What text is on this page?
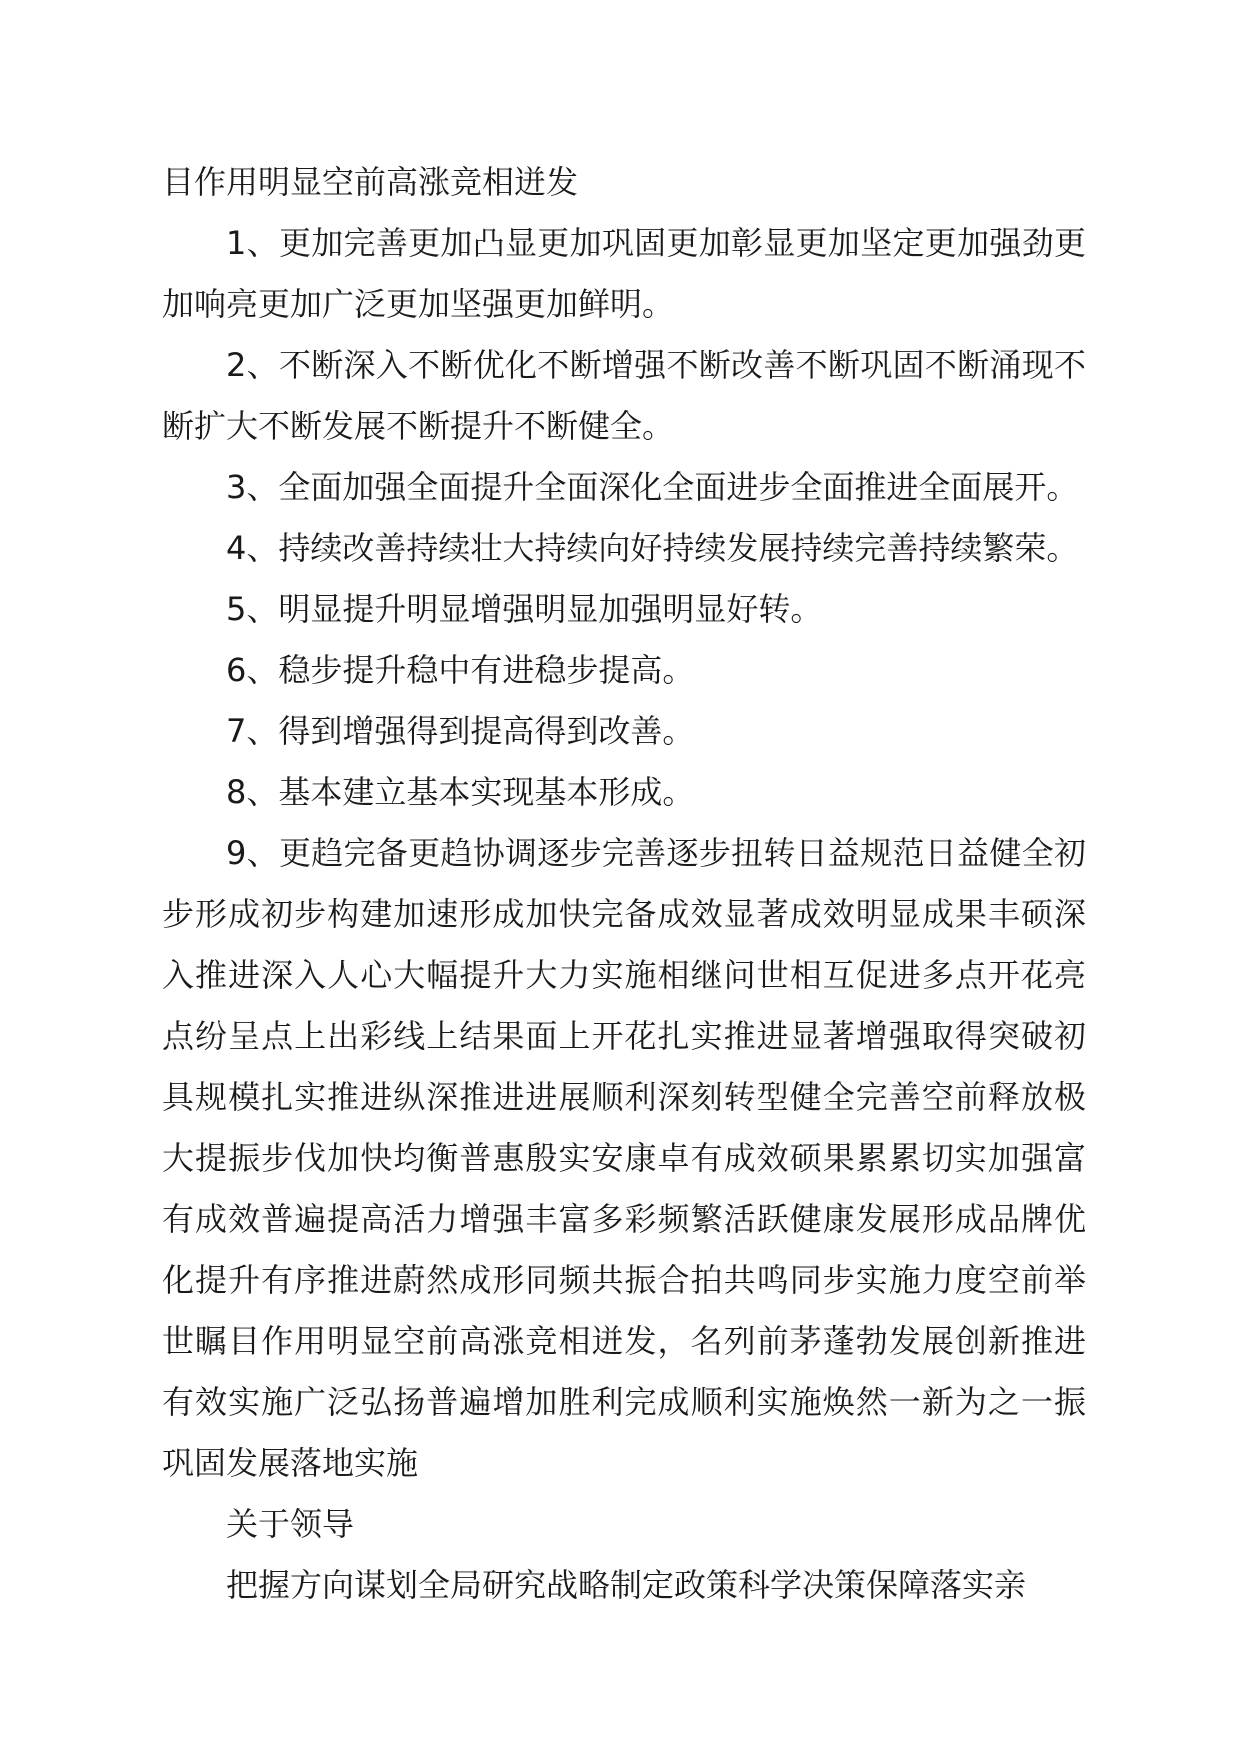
目作用明显空前高涨竞相迸发

1、更加完善更加凸显更加巩固更加彰显更加坚定更加强劲更加响亮更加广泛更加坚强更加鲜明。

2、不断深入不断优化不断增强不断改善不断巩固不断涌现不断扩大不断发展不断提升不断健全。

3、全面加强全面提升全面深化全面进步全面推进全面展开。

4、持续改善持续壮大持续向好持续发展持续完善持续繁荣。

5、明显提升明显增强明显加强明显好转。

6、稳步提升稳中有进稳步提高。

7、得到增强得到提高得到改善。

8、基本建立基本实现基本形成。

9、更趋完备更趋协调逐步完善逐步扭转日益规范日益健全初步形成初步构建加速形成加快完备成效显著成效明显成果丰硕深入推进深入人心大幅提升大力实施相继问世相互促进多点开花亮点纷呈点上出彩线上结果面上开花扎实推进显著增强取得突破初具规模扎实推进纵深推进进展顺利深刻转型健全完善空前释放极大提振步伐加快均衡普惠殷实安康卓有成效硕果累累切实加强富有成效普遍提高活力增强丰富多彩频繁活跃健康发展形成品牌优化提升有序推进蔚然成形同频共振合拍共鸣同步实施力度空前举世瞩目作用明显空前高涨竞相迸发，名列前茅蓬勃发展创新推进有效实施广泛弘扬普遍增加胜利完成顺利实施焕然一新为之一振巩固发展落地实施

关于领导

把握方向谋划全局研究战略制定政策科学决策保障落实亲
